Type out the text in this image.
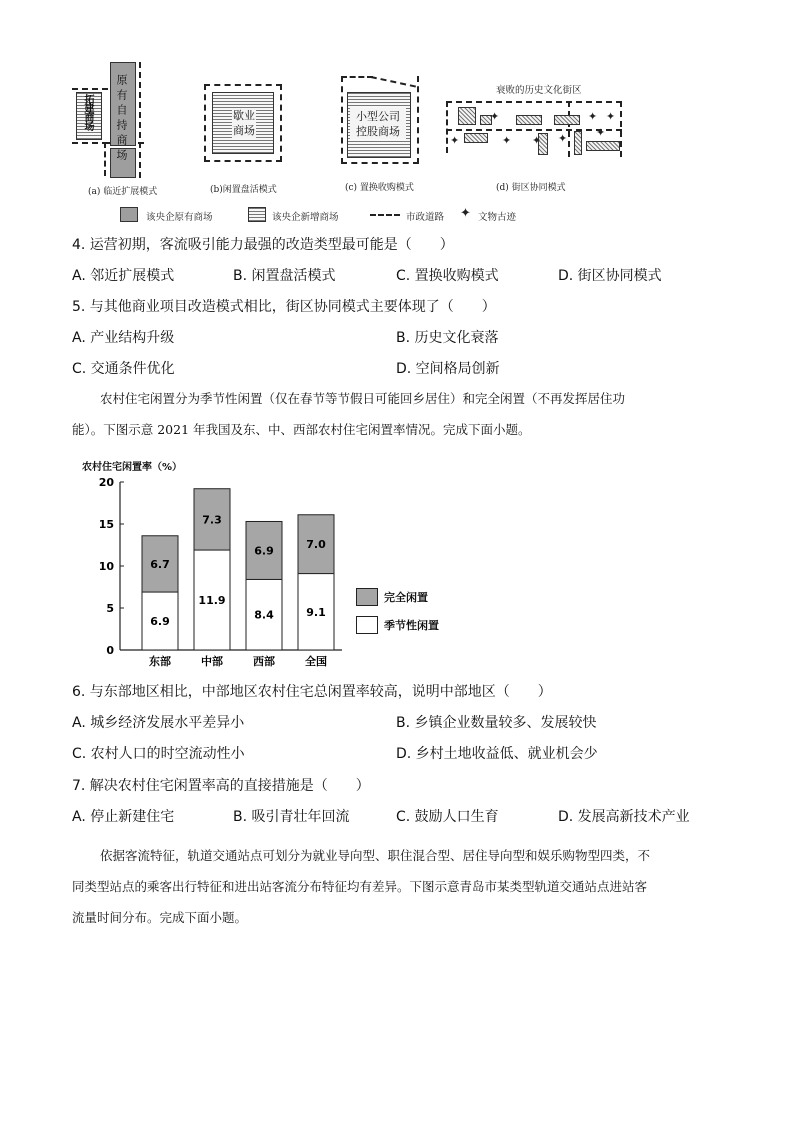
拓建商场 原有自持商场
(a) 临近扩展模式
歇业商场
(b)闲置盘活模式
小型公司
控股商场
(c) 置换收购模式
衰败的历史文化街区
✦	✦ ✦
✦ ✦ ✦	✦
✦
(d) 街区协同模式
该央企原有商场	该央企新增商场	市政道路 ✦ 文物古迹
4. 运营初期，客流吸引能力最强的改造类型最可能是（　　）
A. 邻近扩展模式	B. 闲置盘活模式	C. 置换收购模式	D. 街区协同模式
5. 与其他商业项目改造模式相比，街区协同模式主要体现了（　　）
A. 产业结构升级	B. 历史文化衰落
C. 交通条件优化	D. 空间格局创新
农村住宅闲置分为季节性闲置（仅在春节等节假日可能回乡居住）和完全闲置（不再发挥居住功
能）。下图示意 2021 年我国及东、中、西部农村住宅闲置率情况。完成下面小题。
农村住宅闲置率（%）
0
5
10
15
20
6.9
6.7
东部
11.9
7.3
中部
8.4
6.9
西部
9.1
7.0
全国
完全闲置
季节性闲置
6. 与东部地区相比，中部地区农村住宅总闲置率较高，说明中部地区（　　）
A. 城乡经济发展水平差异小	B. 乡镇企业数量较多、发展较快
C. 农村人口的时空流动性小	D. 乡村土地收益低、就业机会少
7. 解决农村住宅闲置率高的直接措施是（　　）
A. 停止新建住宅	B. 吸引青壮年回流	C. 鼓励人口生育	D. 发展高新技术产业
依据客流特征，轨道交通站点可划分为就业导向型、职住混合型、居住导向型和娱乐购物型四类，不
同类型站点的乘客出行特征和进出站客流分布特征均有差异。下图示意青岛市某类型轨道交通站点进站客
流量时间分布。完成下面小题。
